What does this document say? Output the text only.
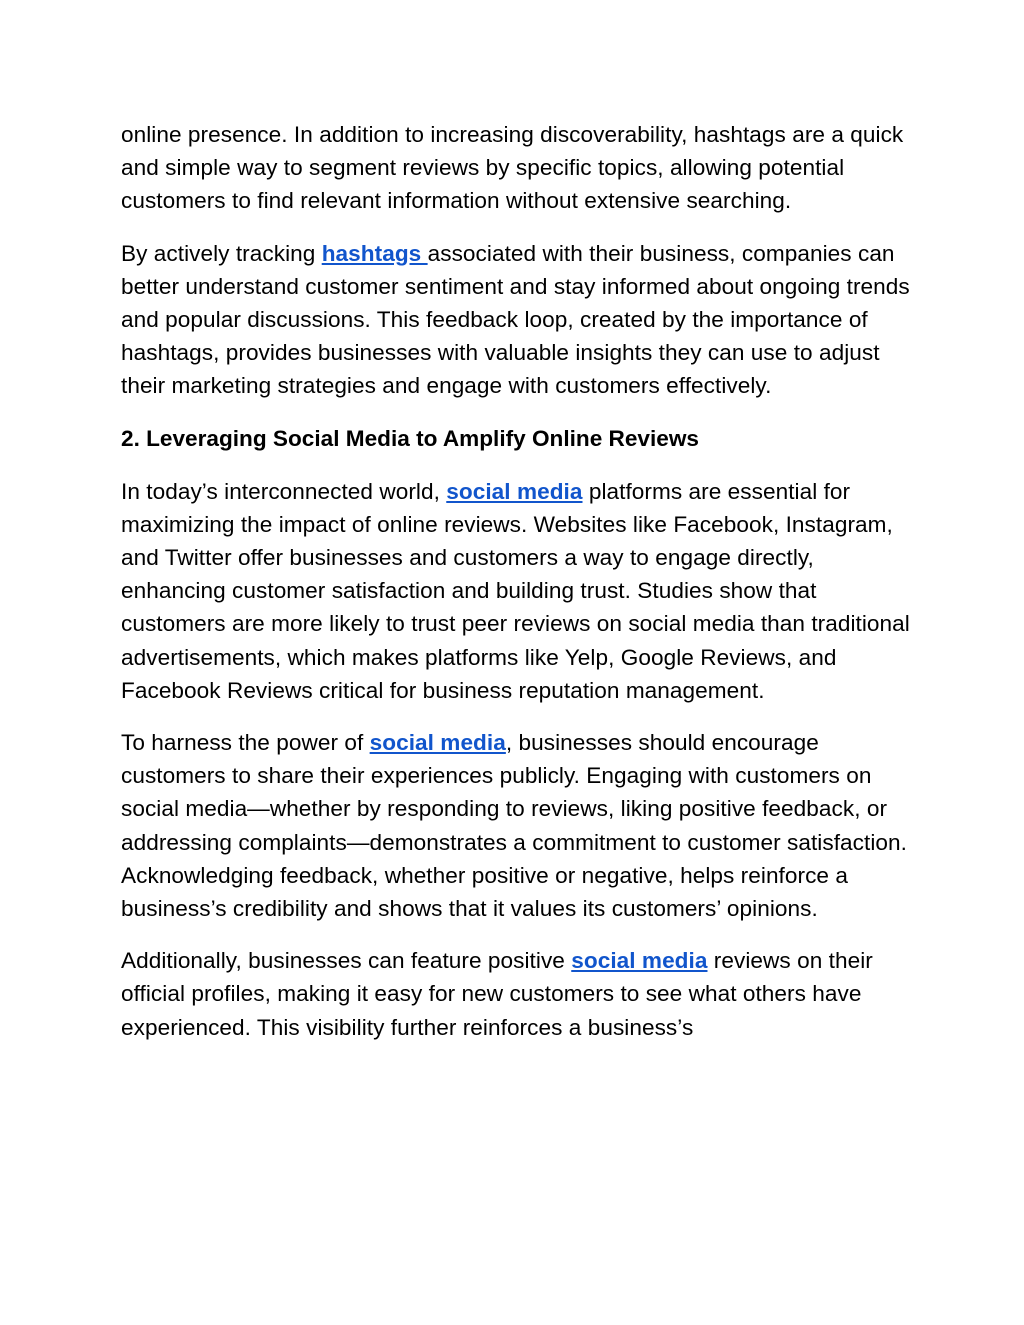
online presence. In addition to increasing discoverability, hashtags are a quick and simple way to segment reviews by specific topics, allowing potential customers to find relevant information without extensive searching.

By actively tracking hashtags associated with their business, companies can better understand customer sentiment and stay informed about ongoing trends and popular discussions. This feedback loop, created by the importance of hashtags, provides businesses with valuable insights they can use to adjust their marketing strategies and engage with customers effectively.

2. Leveraging Social Media to Amplify Online Reviews

In today’s interconnected world, social media platforms are essential for maximizing the impact of online reviews. Websites like Facebook, Instagram, and Twitter offer businesses and customers a way to engage directly, enhancing customer satisfaction and building trust. Studies show that customers are more likely to trust peer reviews on social media than traditional advertisements, which makes platforms like Yelp, Google Reviews, and Facebook Reviews critical for business reputation management.

To harness the power of social media, businesses should encourage customers to share their experiences publicly. Engaging with customers on social media—whether by responding to reviews, liking positive feedback, or addressing complaints—demonstrates a commitment to customer satisfaction. Acknowledging feedback, whether positive or negative, helps reinforce a business’s credibility and shows that it values its customers’ opinions.

Additionally, businesses can feature positive social media reviews on their official profiles, making it easy for new customers to see what others have experienced. This visibility further reinforces a business’s
